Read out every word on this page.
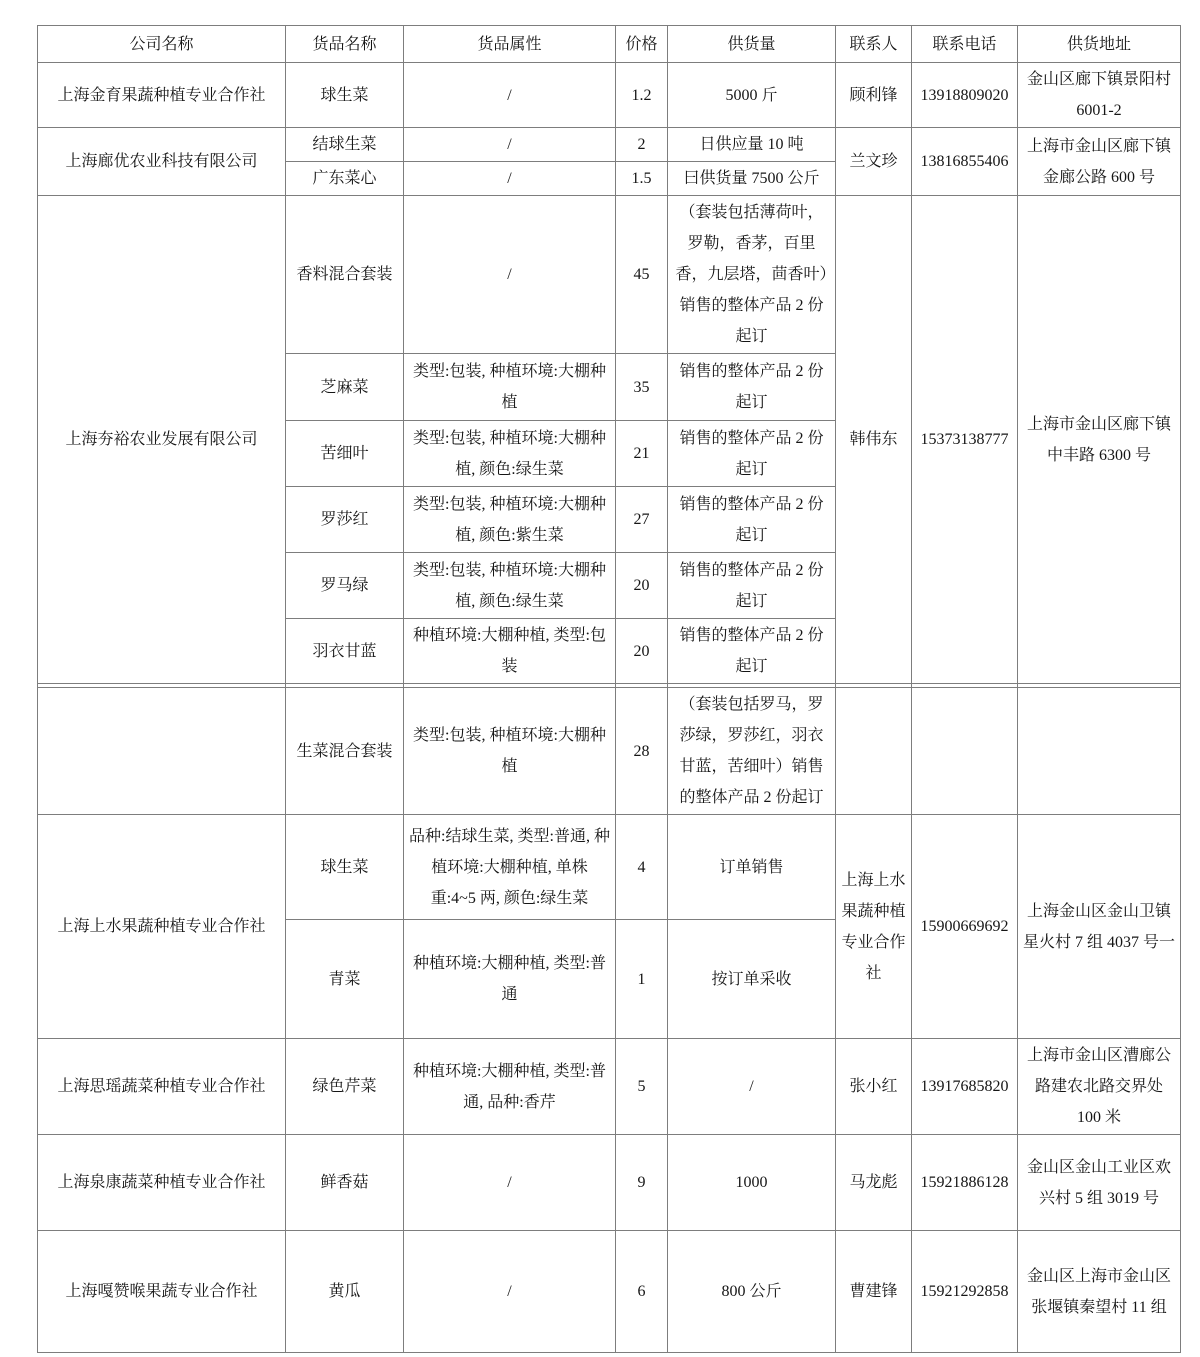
公司名称	货品名称	货品属性	价格	供货量	联系人	联系电话	供货地址
上海金育果蔬种植专业合作社	球生菜	/	1.2	5000 斤	顾利锋	13918809020	金山区廊下镇景阳村 6001-2
上海廊优农业科技有限公司	结球生菜	/	2	日供应量 10 吨	兰文珍	13816855406	上海市金山区廊下镇金廊公路 600 号
	广东菜心	/	1.5	曰供货量 7500 公斤			
上海夯裕农业发展有限公司	香料混合套装	/	45	（套装包括薄荷叶，罗勒，香茅，百里香，九层塔，茴香叶）销售的整体产品 2 份起订	韩伟东	15373138777	上海市金山区廊下镇中丰路 6300 号
	芝麻菜	类型:包装, 种植环境:大棚种植	35	销售的整体产品 2 份起订			
	苦细叶	类型:包装, 种植环境:大棚种植, 颜色:绿生菜	21	销售的整体产品 2 份起订			
	罗莎红	类型:包装, 种植环境:大棚种植, 颜色:紫生菜	27	销售的整体产品 2 份起订			
	罗马绿	类型:包装, 种植环境:大棚种植, 颜色:绿生菜	20	销售的整体产品 2 份起订			
	羽衣甘蓝	种植环境:大棚种植, 类型:包装	20	销售的整体产品 2 份起订			

	生菜混合套装	类型:包装, 种植环境:大棚种植	28	（套装包括罗马，罗莎绿，罗莎红，羽衣甘蓝，苦细叶）销售的整体产品 2 份起订			
上海上水果蔬种植专业合作社	球生菜	品种:结球生菜, 类型:普通, 种植环境:大棚种植, 单株重:4~5 两, 颜色:绿生菜	4	订单销售	上海上水果蔬种植专业合作社	15900669692	上海金山区金山卫镇星火村 7 组 4037 号一
	青菜	种植环境:大棚种植, 类型:普通	1	按订单采收			
上海思瑶蔬菜种植专业合作社	绿色芹菜	种植环境:大棚种植, 类型:普通, 品种:香芹	5	/	张小红	13917685820	上海市金山区漕廊公路建农北路交界处 100 米
上海泉康蔬菜种植专业合作社	鲜香菇	/	9	1000	马龙彪	15921886128	金山区金山工业区欢兴村 5 组 3019 号
上海嘎赞喉果蔬专业合作社	黄瓜	/	6	800 公斤	曹建锋	15921292858	金山区上海市金山区张堰镇秦望村 11 组
